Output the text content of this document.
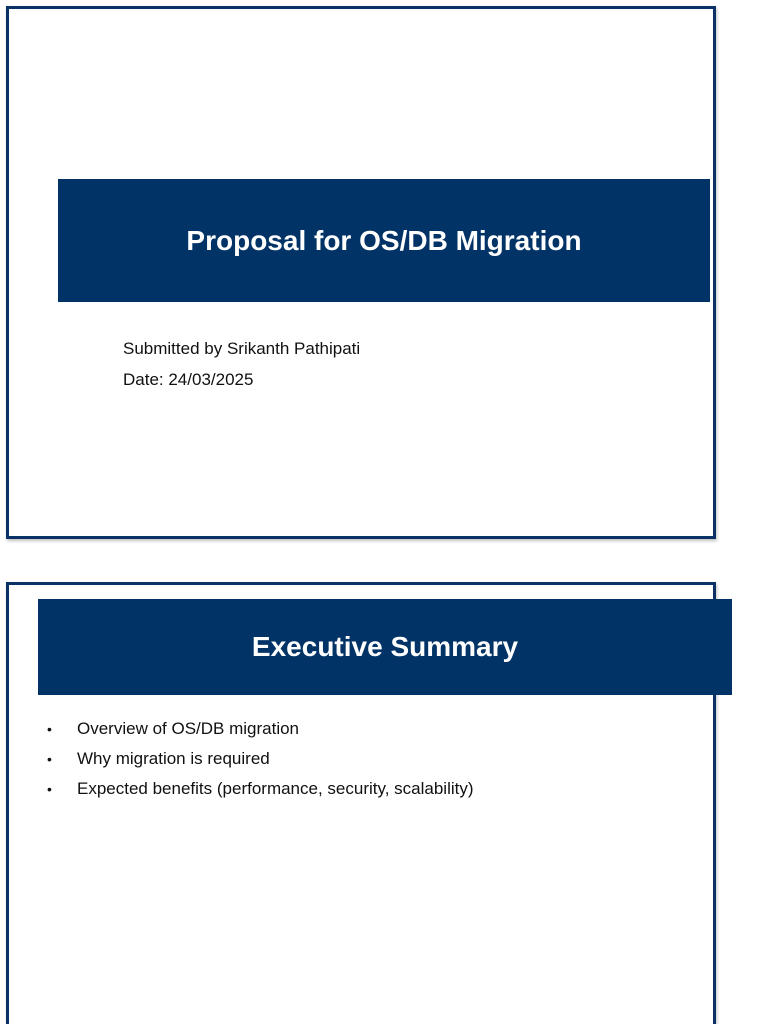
Proposal for OS/DB Migration
Submitted by Srikanth Pathipati
Date: 24/03/2025
Executive Summary
• Overview of OS/DB migration
• Why migration is required
• Expected benefits (performance, security, scalability)
